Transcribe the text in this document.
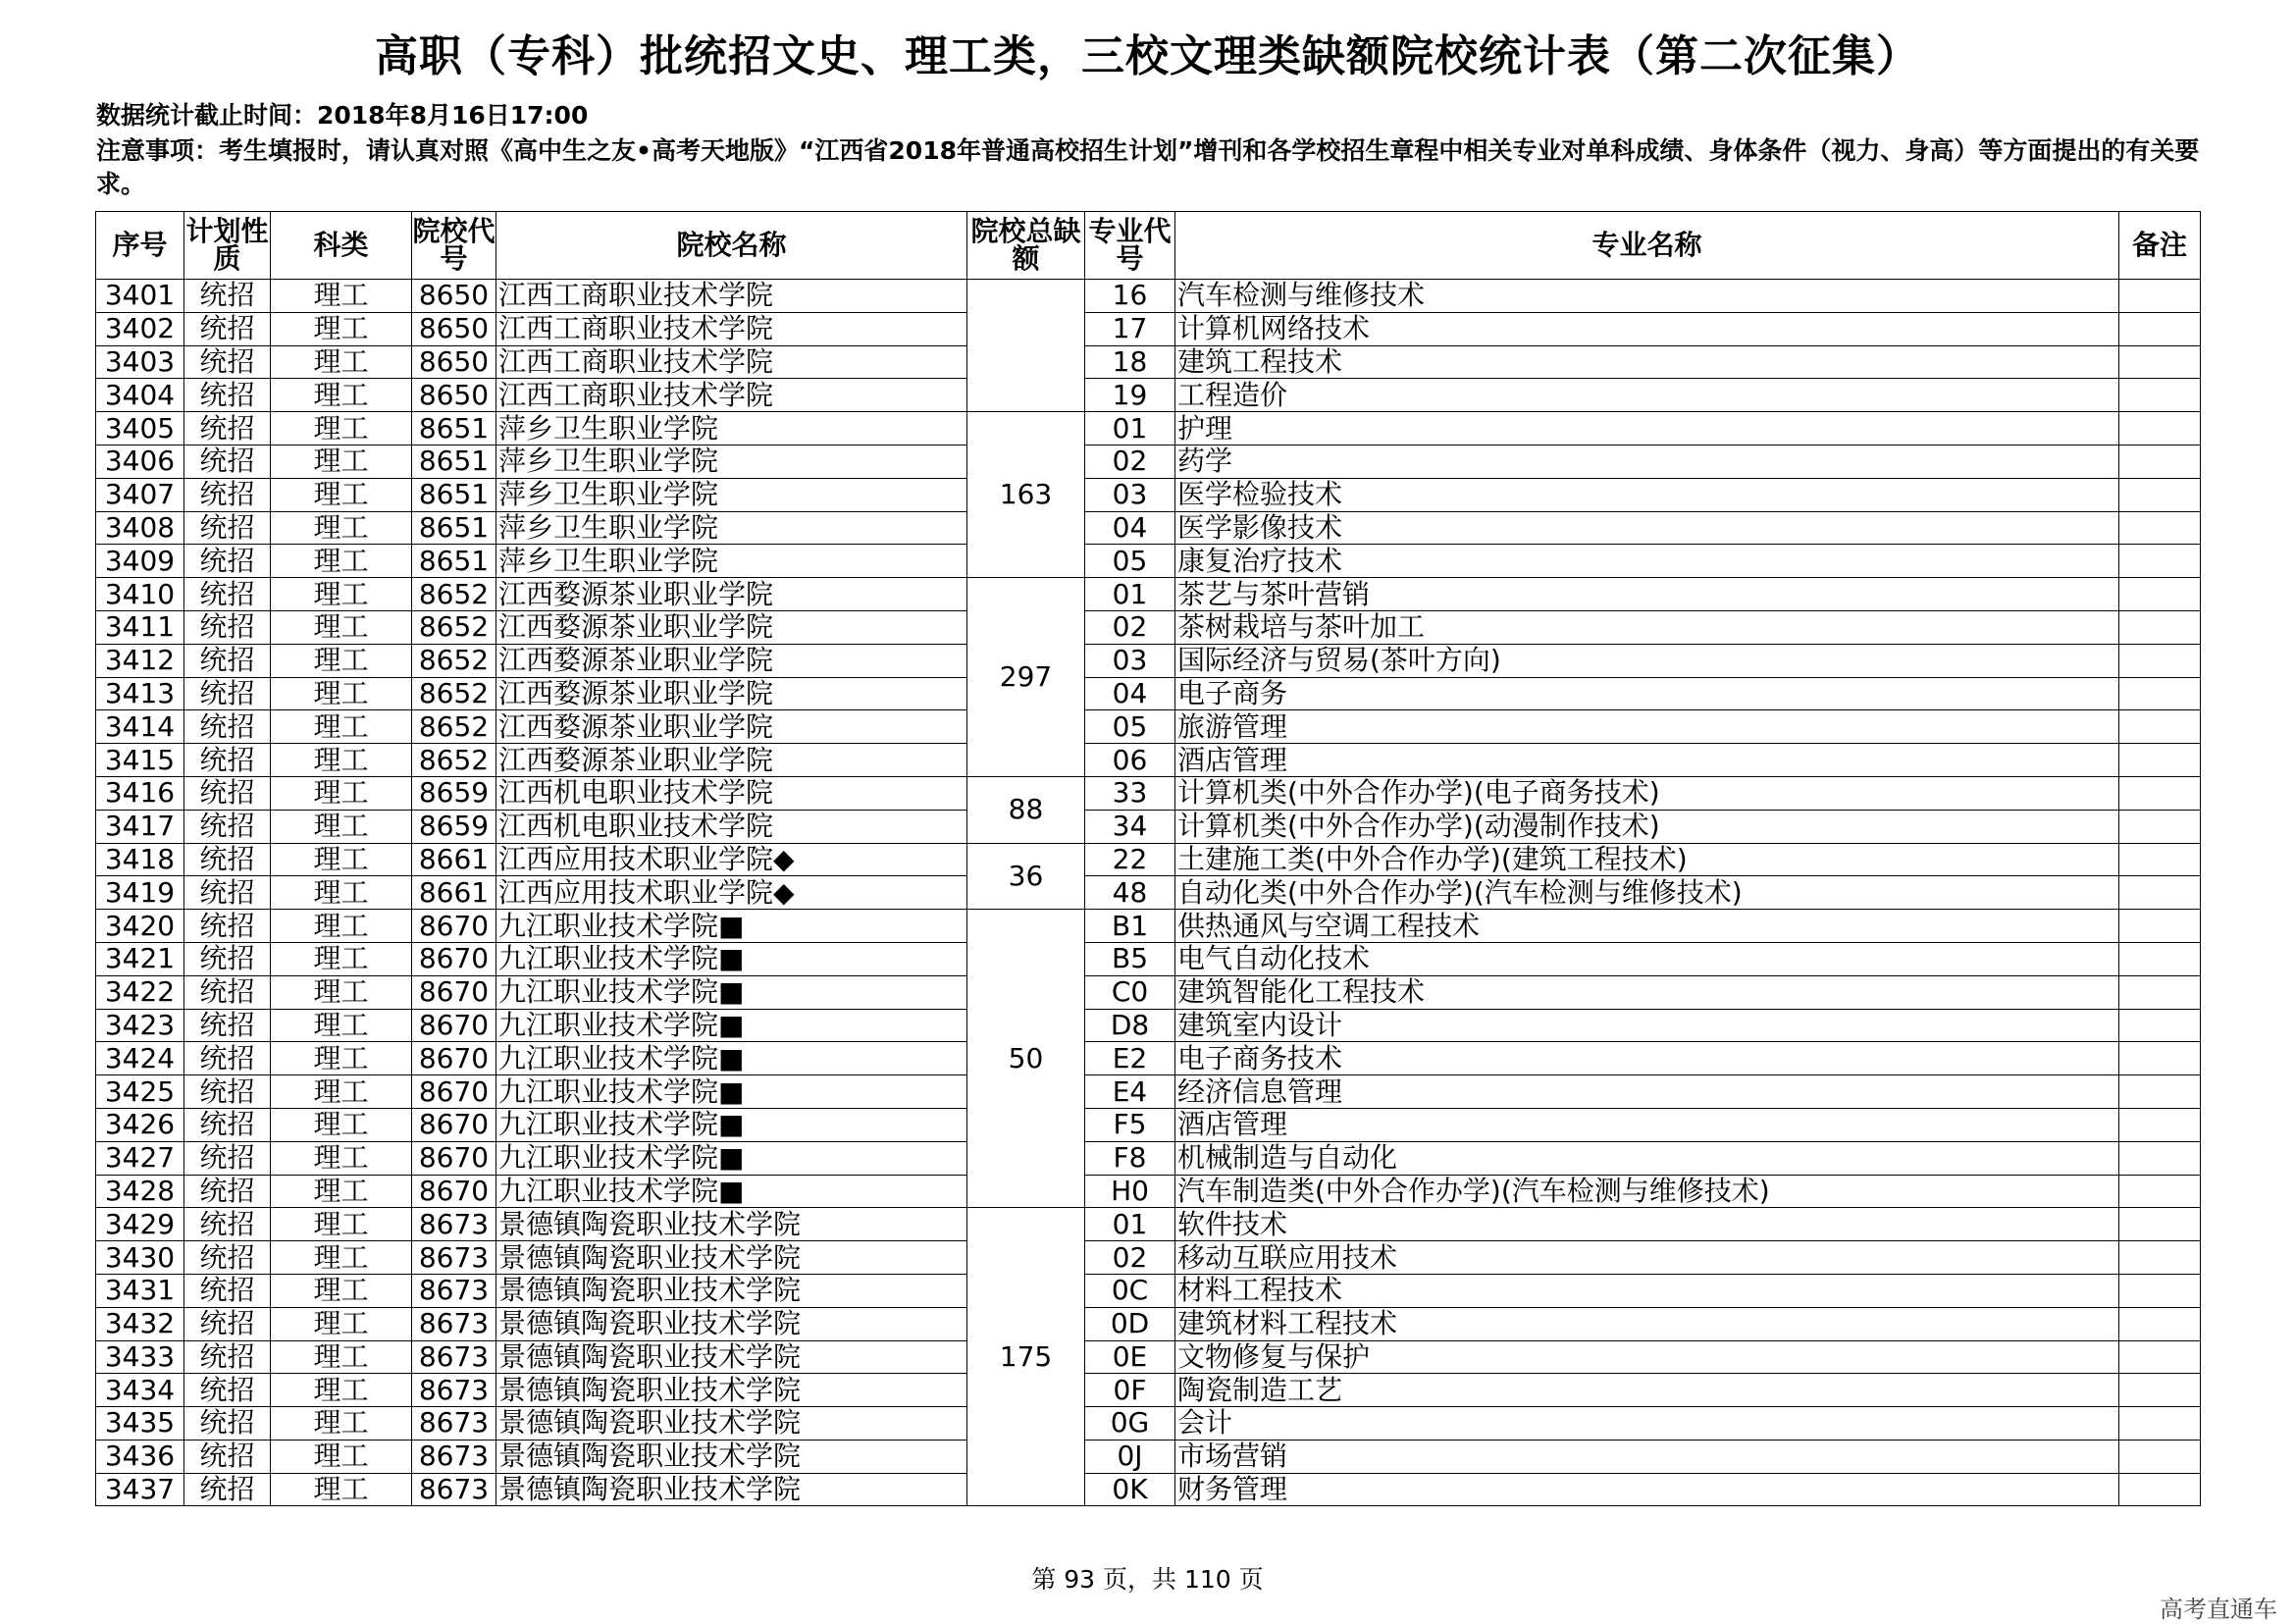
高职（专科）批统招文史、理工类，三校文理类缺额院校统计表（第二次征集）
数据统计截止时间：2018年8月16日17:00
注意事项：考生填报时，请认真对照《高中生之友•高考天地版》“江西省2018年普通高校招生计划”增刊和各学校招生章程中相关专业对单科成绩、身体条件（视力、身高）等方面提出的有关要求。
序号	计划性质	科类	院校代号	院校名称	院校总缺额	专业代号	专业名称	备注
3401	统招	理工	8650	江西工商职业技术学院		16	汽车检测与维修技术	
3402	统招	理工	8650	江西工商职业技术学院		17	计算机网络技术	
3403	统招	理工	8650	江西工商职业技术学院		18	建筑工程技术	
3404	统招	理工	8650	江西工商职业技术学院		19	工程造价	
3405	统招	理工	8651	萍乡卫生职业学院	163	01	护理	
3406	统招	理工	8651	萍乡卫生职业学院		02	药学	
3407	统招	理工	8651	萍乡卫生职业学院		03	医学检验技术	
3408	统招	理工	8651	萍乡卫生职业学院		04	医学影像技术	
3409	统招	理工	8651	萍乡卫生职业学院		05	康复治疗技术	
3410	统招	理工	8652	江西婺源茶业职业学院	297	01	茶艺与茶叶营销	
3411	统招	理工	8652	江西婺源茶业职业学院		02	茶树栽培与茶叶加工	
3412	统招	理工	8652	江西婺源茶业职业学院		03	国际经济与贸易(茶叶方向)	
3413	统招	理工	8652	江西婺源茶业职业学院		04	电子商务	
3414	统招	理工	8652	江西婺源茶业职业学院		05	旅游管理	
3415	统招	理工	8652	江西婺源茶业职业学院		06	酒店管理	
3416	统招	理工	8659	江西机电职业技术学院	88	33	计算机类(中外合作办学)(电子商务技术)	
3417	统招	理工	8659	江西机电职业技术学院		34	计算机类(中外合作办学)(动漫制作技术)	
3418	统招	理工	8661	江西应用技术职业学院◆	36	22	土建施工类(中外合作办学)(建筑工程技术)	
3419	统招	理工	8661	江西应用技术职业学院◆		48	自动化类(中外合作办学)(汽车检测与维修技术)	
3420	统招	理工	8670	九江职业技术学院■	50	B1	供热通风与空调工程技术	
3421	统招	理工	8670	九江职业技术学院■		B5	电气自动化技术	
3422	统招	理工	8670	九江职业技术学院■		C0	建筑智能化工程技术	
3423	统招	理工	8670	九江职业技术学院■		D8	建筑室内设计	
3424	统招	理工	8670	九江职业技术学院■		E2	电子商务技术	
3425	统招	理工	8670	九江职业技术学院■		E4	经济信息管理	
3426	统招	理工	8670	九江职业技术学院■		F5	酒店管理	
3427	统招	理工	8670	九江职业技术学院■		F8	机械制造与自动化	
3428	统招	理工	8670	九江职业技术学院■		H0	汽车制造类(中外合作办学)(汽车检测与维修技术)	
3429	统招	理工	8673	景德镇陶瓷职业技术学院	175	01	软件技术	
3430	统招	理工	8673	景德镇陶瓷职业技术学院		02	移动互联应用技术	
3431	统招	理工	8673	景德镇陶瓷职业技术学院		0C	材料工程技术	
3432	统招	理工	8673	景德镇陶瓷职业技术学院		0D	建筑材料工程技术	
3433	统招	理工	8673	景德镇陶瓷职业技术学院		0E	文物修复与保护	
3434	统招	理工	8673	景德镇陶瓷职业技术学院		0F	陶瓷制造工艺	
3435	统招	理工	8673	景德镇陶瓷职业技术学院		0G	会计	
3436	统招	理工	8673	景德镇陶瓷职业技术学院		0J	市场营销	
3437	统招	理工	8673	景德镇陶瓷职业技术学院		0K	财务管理	
第 93 页，共 110 页
高考直通车
